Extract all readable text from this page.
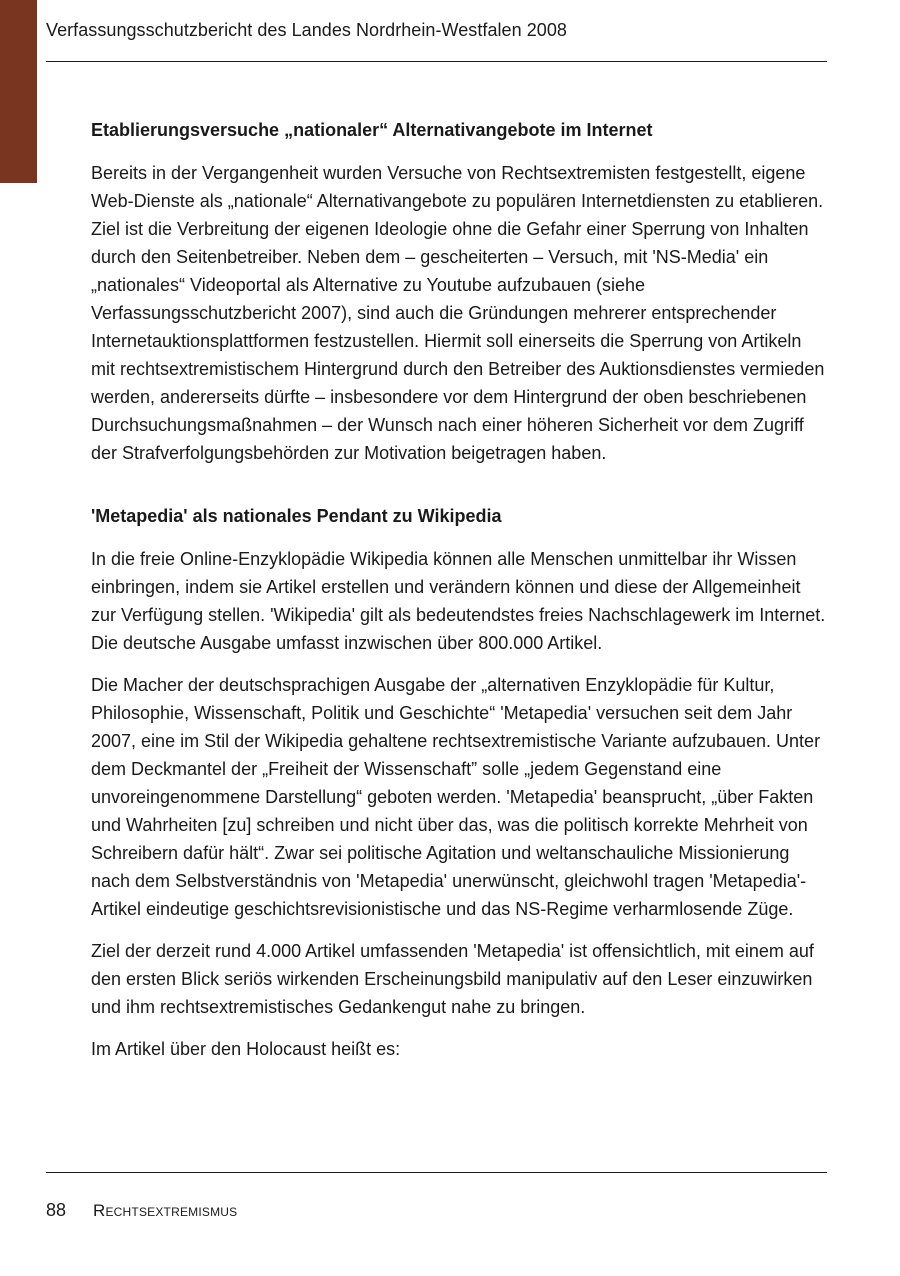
Verfassungsschutzbericht des Landes Nordrhein-Westfalen 2008
Etablierungsversuche „nationaler“ Alternativangebote im Internet

Bereits in der Vergangenheit wurden Versuche von Rechtsextremisten festgestellt, eigene Web-Dienste als „nationale“ Alternativangebote zu populären Internetdiensten zu etablieren. Ziel ist die Verbreitung der eigenen Ideologie ohne die Gefahr einer Sperrung von Inhalten durch den Seitenbetreiber. Neben dem – gescheiterten – Versuch, mit 'NS-Media' ein „nationales“ Videoportal als Alternative zu Youtube aufzubauen (siehe Verfassungsschutzbericht 2007), sind auch die Gründungen mehrerer entsprechender Internetauktionsplattformen festzustellen. Hiermit soll einerseits die Sperrung von Artikeln mit rechtsextremistischem Hintergrund durch den Betreiber des Auktionsdienstes vermieden werden, andererseits dürfte – insbesondere vor dem Hintergrund der oben beschriebenen Durchsuchungsmaßnahmen – der Wunsch nach einer höheren Sicherheit vor dem Zugriff der Strafverfolgungsbehörden zur Motivation beigetragen haben.

'Metapedia' als nationales Pendant zu Wikipedia

In die freie Online-Enzyklopädie Wikipedia können alle Menschen unmittelbar ihr Wissen einbringen, indem sie Artikel erstellen und verändern können und diese der Allgemeinheit zur Verfügung stellen. 'Wikipedia' gilt als bedeutendstes freies Nachschlagewerk im Internet. Die deutsche Ausgabe umfasst inzwischen über 800.000 Artikel.

Die Macher der deutschsprachigen Ausgabe der „alternativen Enzyklopädie für Kultur, Philosophie, Wissenschaft, Politik und Geschichte“ 'Metapedia' versuchen seit dem Jahr 2007, eine im Stil der Wikipedia gehaltene rechtsextremistische Variante aufzubauen. Unter dem Deckmantel der „Freiheit der Wissenschaft” solle „jedem Gegenstand eine unvoreingenommene Darstellung“ geboten werden. 'Metapedia' beansprucht, „über Fakten und Wahrheiten [zu] schreiben und nicht über das, was die politisch korrekte Mehrheit von Schreibern dafür hält“. Zwar sei politische Agitation und weltanschauliche Missionierung nach dem Selbstverständnis von 'Metapedia' unerwünscht, gleichwohl tragen 'Metapedia'-Artikel eindeutige geschichtsrevisionistische und das NS-Regime verharmlosende Züge.

Ziel der derzeit rund 4.000 Artikel umfassenden 'Metapedia' ist offensichtlich, mit einem auf den ersten Blick seriös wirkenden Erscheinungsbild manipulativ auf den Leser einzuwirken und ihm rechtsextremistisches Gedankengut nahe zu bringen.

Im Artikel über den Holocaust heißt es:

88	Rechtsextremismus
